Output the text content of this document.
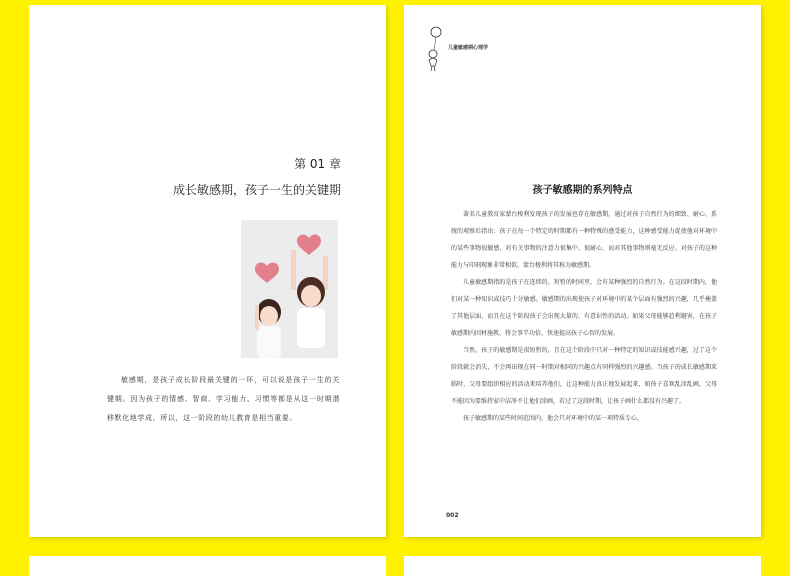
第 01 章
成长敏感期，孩子一生的关键期

敏感期，是孩子成长阶段最关键的一环，可以说是孩子一生的关键期。因为孩子的情感、智商、学习能力、习惯等都是从这一时期潜移默化地学成，所以，这一阶段的幼儿教育是相当重要。

儿童敏感期心理学
孩子敏感期的系列特点

著名儿童教育家蒙台梭利发现孩子的发展也存在敏感期，通过对孩子自然行为的细致、耐心、系统的观察后指出：孩子在每一个特定的时期都有一种特殊的感受能力，这种感受能力促使他对环境中的某些事物很敏感，对有关事物的注意力很集中、很耐心，而对其他事物则毫无反应。对孩子的这种能力与印刻现象非常相似，蒙台梭利将其称为敏感期。

儿童敏感期指的是孩子在连续的、短暂的时间里，会有某种强烈的自然行为。在这段时期内，他们对某一种知识或技巧十分敏感。敏感期的出现使孩子对环境中的某个层面有强烈的兴趣，几乎掩盖了其他层面，而且在这个阶段孩子会出现大量的、有意识性的活动。如果父母能够趋利避害，在孩子敏感期内因材施教，将会事半功倍，快速提高孩子心智的发展。

当然，孩子的敏感期是很短暂的，且在这个阶段中只对一种特定的知识或技能感兴趣，过了这个阶段就会消失，不会再出现在同一时期对相同的兴趣点有同样强烈的兴趣感。当孩子的成长敏感期来临时，父母要组织相应的活动来培养他们，让这种能力真正地发展起来，如孩子喜欢乱涂乱画，父母不能因为要维持家中洁净不让他们涂画，若过了这段时期，让孩子画什么都没有兴趣了。

孩子敏感期的某些时间范围内，他会只对环境中的某一项特质专心，

002
